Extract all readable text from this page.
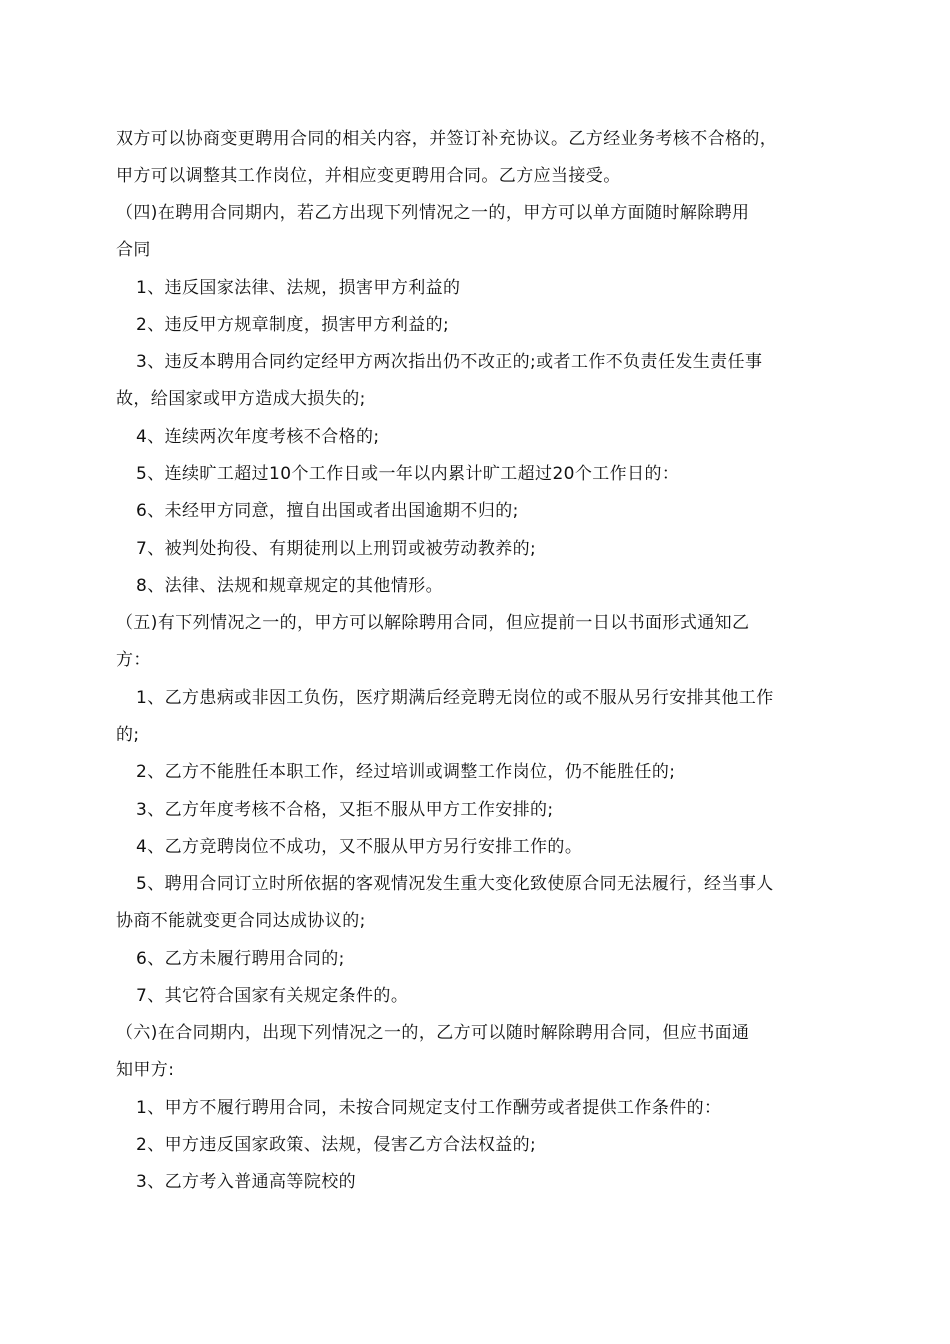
双方可以协商变更聘用合同的相关内容，并签订补充协议。乙方经业务考核不合格的，
甲方可以调整其工作岗位，并相应变更聘用合同。乙方应当接受。
（四)在聘用合同期内，若乙方出现下列情况之一的，甲方可以单方面随时解除聘用
合同
1、违反国家法律、法规，损害甲方利益的
2、违反甲方规章制度，损害甲方利益的;
3、违反本聘用合同约定经甲方两次指出仍不改正的;或者工作不负责任发生责任事
故，给国家或甲方造成大损失的;
4、连续两次年度考核不合格的;
5、连续旷工超过10个工作日或一年以内累计旷工超过20个工作日的：
6、未经甲方同意，擅自出国或者出国逾期不归的;
7、被判处拘役、有期徒刑以上刑罚或被劳动教养的;
8、法律、法规和规章规定的其他情形。
（五)有下列情况之一的，甲方可以解除聘用合同，但应提前一日以书面形式通知乙
方：
1、乙方患病或非因工负伤，医疗期满后经竞聘无岗位的或不服从另行安排其他工作
的;
2、乙方不能胜任本职工作，经过培训或调整工作岗位，仍不能胜任的;
3、乙方年度考核不合格，又拒不服从甲方工作安排的;
4、乙方竞聘岗位不成功，又不服从甲方另行安排工作的。
5、聘用合同订立时所依据的客观情况发生重大变化致使原合同无法履行，经当事人
协商不能就变更合同达成协议的;
6、乙方未履行聘用合同的;
7、其它符合国家有关规定条件的。
（六)在合同期内，出现下列情况之一的，乙方可以随时解除聘用合同，但应书面通
知甲方:
1、甲方不履行聘用合同，未按合同规定支付工作酬劳或者提供工作条件的：
2、甲方违反国家政策、法规，侵害乙方合法权益的;
3、乙方考入普通高等院校的
